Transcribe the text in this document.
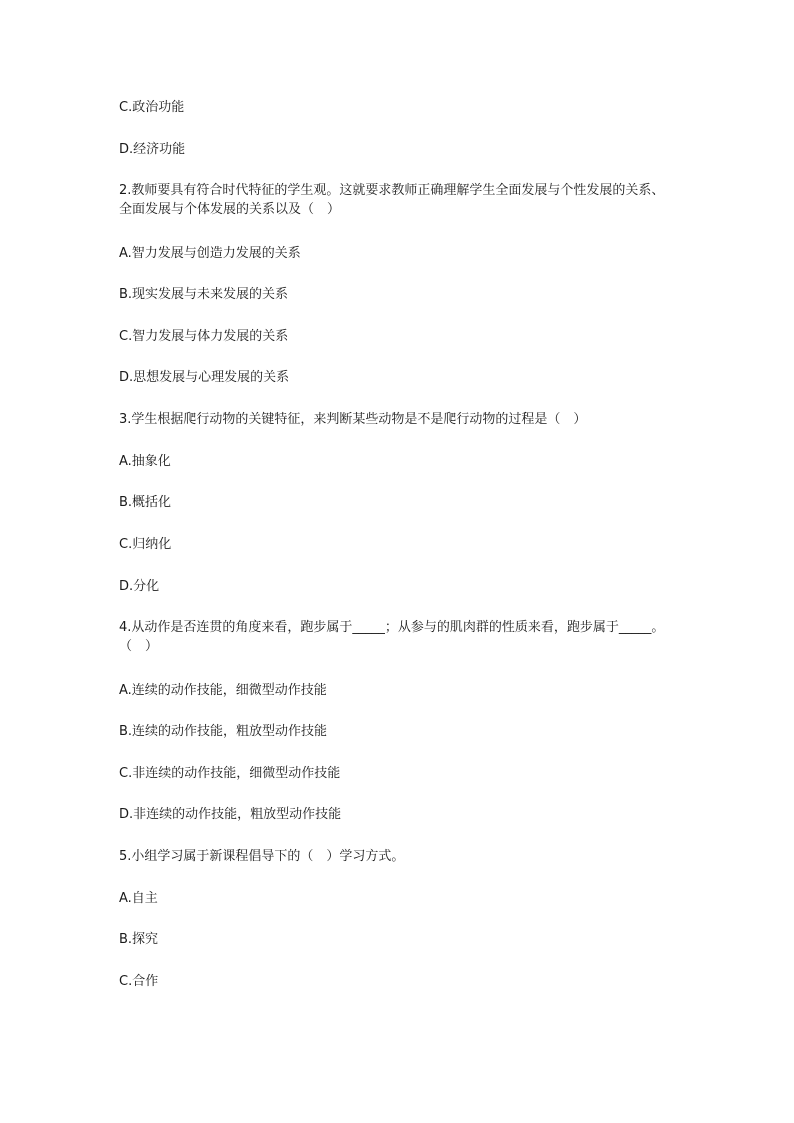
C.政治功能
D.经济功能
2.教师要具有符合时代特征的学生观。这就要求教师正确理解学生全面发展与个性发展的关系、全面发展与个体发展的关系以及（　）
A.智力发展与创造力发展的关系
B.现实发展与未来发展的关系
C.智力发展与体力发展的关系
D.思想发展与心理发展的关系
3.学生根据爬行动物的关键特征，来判断某些动物是不是爬行动物的过程是（　）
A.抽象化
B.概括化
C.归纳化
D.分化
4.从动作是否连贯的角度来看，跑步属于_____；从参与的肌肉群的性质来看，跑步属于_____。（　）
A.连续的动作技能，细微型动作技能
B.连续的动作技能，粗放型动作技能
C.非连续的动作技能，细微型动作技能
D.非连续的动作技能，粗放型动作技能
5.小组学习属于新课程倡导下的（　）学习方式。
A.自主
B.探究
C.合作
